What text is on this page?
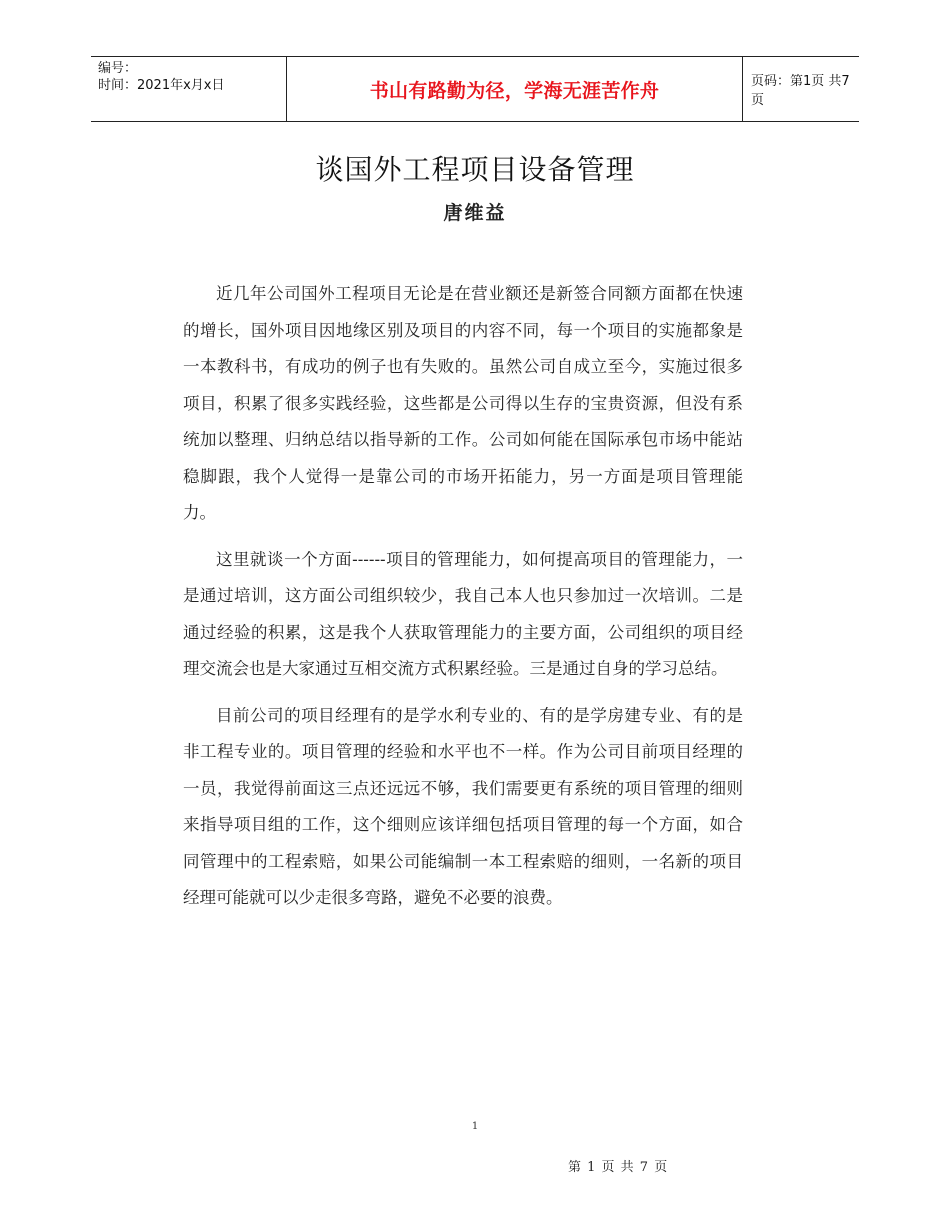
编号：
时间：2021年x月x日	书山有路勤为径，学海无涯苦作舟	页码：第1页 共7页
谈国外工程项目设备管理
唐维益

近几年公司国外工程项目无论是在营业额还是新签合同额方面都在快速的增长，国外项目因地缘区别及项目的内容不同，每一个项目的实施都象是一本教科书，有成功的例子也有失败的。虽然公司自成立至今，实施过很多项目，积累了很多实践经验，这些都是公司得以生存的宝贵资源，但没有系统加以整理、归纳总结以指导新的工作。公司如何能在国际承包市场中能站稳脚跟，我个人觉得一是靠公司的市场开拓能力，另一方面是项目管理能力。

这里就谈一个方面------项目的管理能力，如何提高项目的管理能力，一是通过培训，这方面公司组织较少，我自己本人也只参加过一次培训。二是通过经验的积累，这是我个人获取管理能力的主要方面，公司组织的项目经理交流会也是大家通过互相交流方式积累经验。三是通过自身的学习总结。

目前公司的项目经理有的是学水利专业的、有的是学房建专业、有的是非工程专业的。项目管理的经验和水平也不一样。作为公司目前项目经理的一员，我觉得前面这三点还远远不够，我们需要更有系统的项目管理的细则来指导项目组的工作，这个细则应该详细包括项目管理的每一个方面，如合同管理中的工程索赔，如果公司能编制一本工程索赔的细则，一名新的项目经理可能就可以少走很多弯路，避免不必要的浪费。

1
第 1 页 共 7 页
